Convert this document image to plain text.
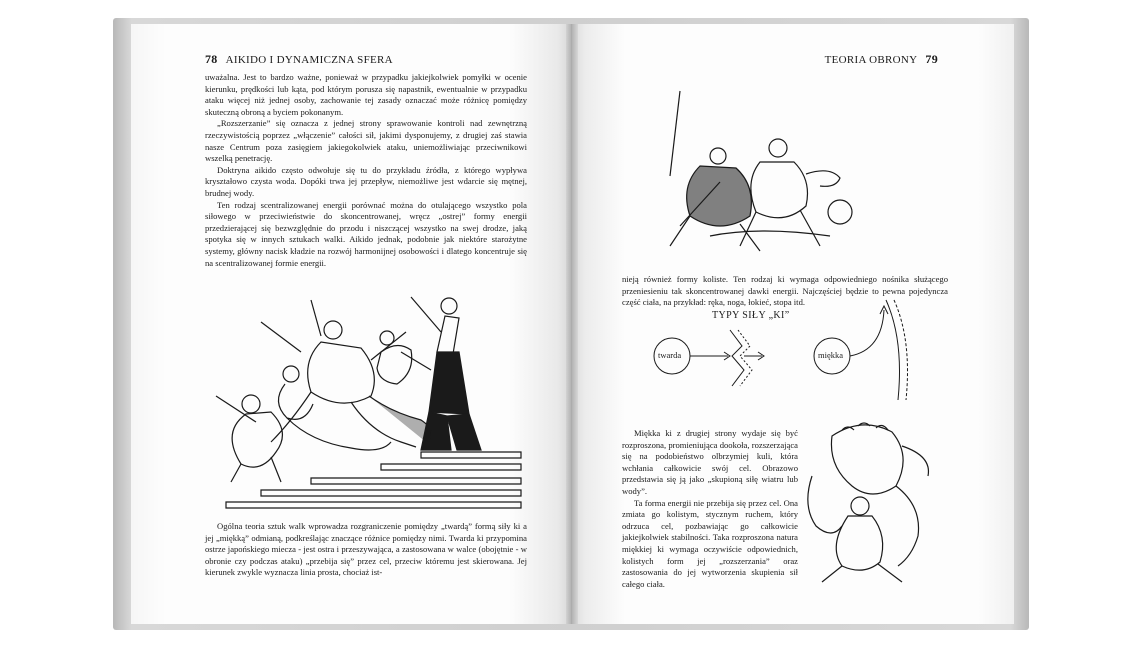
78 AIKIDO I DYNAMICZNA SFERA

uważalna. Jest to bardzo ważne, ponieważ w przypadku jakiejkolwiek pomyłki w ocenie kierunku, prędkości lub kąta, pod którym porusza się napastnik, ewentualnie w przypadku ataku więcej niż jednej osoby, zachowanie tej zasady oznaczać może różnicę pomiędzy skuteczną obroną a byciem pokonanym.

„Rozszerzanie” się oznacza z jednej strony sprawowanie kontroli nad zewnętrzną rzeczywistością poprzez „włączenie” całości sił, jakimi dysponujemy, z drugiej zaś stawia nasze Centrum poza zasięgiem jakiegokolwiek ataku, uniemożliwiając przeciwnikowi wszelką penetrację.

Doktryna aikido często odwołuje się tu do przykładu źródła, z którego wypływa kryształowo czysta woda. Dopóki trwa jej przepływ, niemożliwe jest wdarcie się mętnej, brudnej wody.

Ten rodzaj scentralizowanej energii porównać można do otulającego wszystko pola siłowego w przeciwieństwie do skoncentrowanej, wręcz „ostrej” formy energii przedzierającej się bezwzględnie do przodu i niszczącej wszystko na swej drodze, jaką spotyka się w innych sztukach walki. Aikido jednak, podobnie jak niektóre starożytne systemy, główny nacisk kładzie na rozwój harmonijnej osobowości i dlatego koncentruje się na scentralizowanej formie energii.

Ogólna teoria sztuk walk wprowadza rozgraniczenie pomiędzy „twardą” formą siły ki a jej „miękką” odmianą, podkreślając znaczące różnice pomiędzy nimi. Twarda ki przypomina ostrze japońskiego miecza - jest ostra i przeszywająca, a zastosowana w walce (obojętnie - w obronie czy podczas ataku) „przebija się” przez cel, przeciw któremu jest skierowana. Jej kierunek zwykle wyznacza linia prosta, chociaż ist-

TEORIA OBRONY 79

nieją również formy koliste. Ten rodzaj ki wymaga odpowiedniego nośnika służącego przeniesieniu tak skoncentrowanej dawki energii. Najczęściej będzie to pewna pojedyncza część ciała, na przykład: ręka, noga, łokieć, stopa itd.

TYPY SIŁY „KI”
twarda	miękka

Miękka ki z drugiej strony wydaje się być rozproszona, promieniująca dookoła, rozszerzająca się na podobieństwo olbrzymiej kuli, która wchłania całkowicie swój cel. Obrazowo przedstawia się ją jako „skupioną siłę wiatru lub wody”.

Ta forma energii nie przebija się przez cel. Ona zmiata go kolistym, stycznym ruchem, który odrzuca cel, pozbawiając go całkowicie jakiejkolwiek stabilności. Taka rozproszona natura miękkiej ki wymaga oczywiście odpowiednich, kolistych form jej „rozszerzania” oraz zastosowania do jej wytworzenia skupienia sił całego ciała.
